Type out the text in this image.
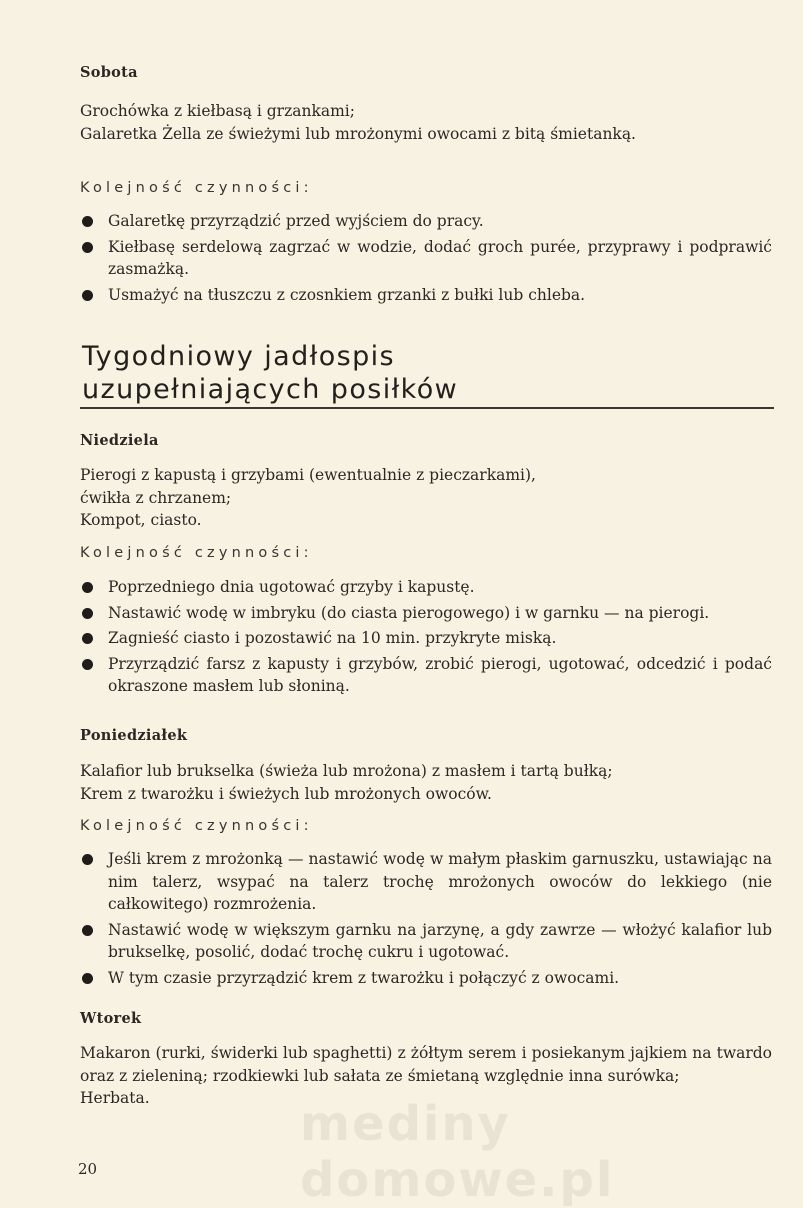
Sobota
Grochówka z kiełbasą i grzankami;
Galaretka Żella ze świeżymi lub mrożonymi owocami z bitą śmietanką.
Kolejność czynności:
Galaretkę przyrządzić przed wyjściem do pracy.
Kiełbasę serdelową zagrzać w wodzie, dodać groch purée, przyprawy i podprawić zasmażką.
Usmażyć na tłuszczu z czosnkiem grzanki z bułki lub chleba.
Tygodniowy jadłospis
uzupełniających posiłków
Niedziela
Pierogi z kapustą i grzybami (ewentualnie z pieczarkami),
ćwikła z chrzanem;
Kompot, ciasto.
Kolejność czynności:
Poprzedniego dnia ugotować grzyby i kapustę.
Nastawić wodę w imbryku (do ciasta pierogowego) i w garnku — na pierogi.
Zagnieść ciasto i pozostawić na 10 min. przykryte miską.
Przyrządzić farsz z kapusty i grzybów, zrobić pierogi, ugotować, odcedzić i podać okraszone masłem lub słoniną.
Poniedziałek
Kalafior lub brukselka (świeża lub mrożona) z masłem i tartą bułką;
Krem z twarożku i świeżych lub mrożonych owoców.
Kolejność czynności:
Jeśli krem z mrożonką — nastawić wodę w małym płaskim garnuszku, ustawiając na nim talerz, wsypać na talerz trochę mrożonych owoców do lekkiego (nie całkowitego) rozmrożenia.
Nastawić wodę w większym garnku na jarzynę, a gdy zawrze — włożyć kalafior lub brukselkę, posolić, dodać trochę cukru i ugotować.
W tym czasie przyrządzić krem z twarożku i połączyć z owocami.
Wtorek
Makaron (rurki, świderki lub spaghetti) z żółtym serem i posiekanym jajkiem na twardo oraz z zieleniną; rzodkiewki lub sałata ze śmietaną względnie inna surówka;
Herbata.	mediny domowe.pl
20
